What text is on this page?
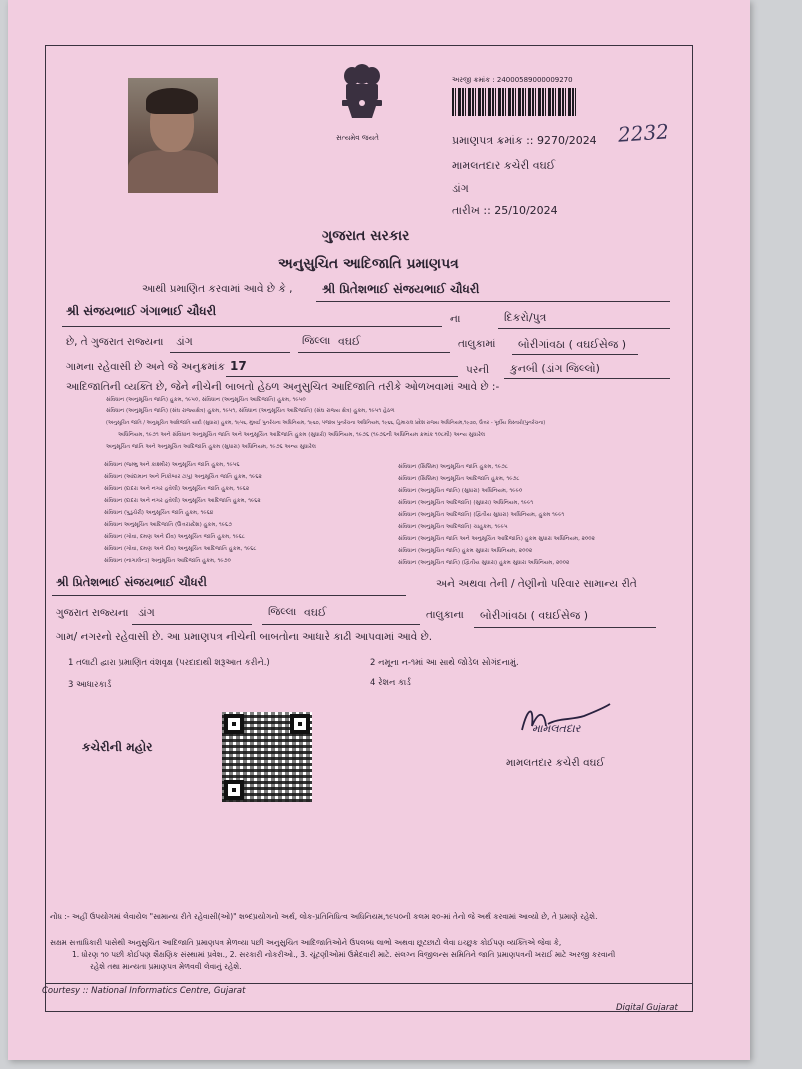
સત્યમેવ જયતે
અરજી ક્રમાંક : 24000589000009270
પ્રમાણપત્ર ક્રમાંક :: 9270/2024 2232
મામલતદાર કચેરી વઘઈ
ડાંગ
તારીખ :: 25/10/2024
ગુજરાત સરકાર
અનુસુચિત આદિજાતિ પ્રમાણપત્ર
આથી પ્રમાણિત કરવામાં આવે છે કે , શ્રી પ્રિતેશભાઈ સંજયભાઈ ચૌધરી
શ્રી સંજયભાઈ ગંગાભાઈ ચૌધરી
ના	દિકરો/પુત્ર
છે, તે ગુજરાત રાજ્યના ડાંગ	જિલ્લા વઘઈ	તાલુકામાં બોરીગાંવઠા ( વઘઈસેજ )
ગામના રહેવાસી છે અને જે અનુક્રમાંક 17	પરની કુનબી (ડાંગ જિલ્લો)
આદિજાતિની વ્યક્તિ છે, જેને નીચેની બાબતો હેઠળ અનુસુચિત આદિજાતિ તરીકે ઓળખવામાં આવે છે :-
સંવિધાન (અનુસૂચિત જાતિ) હુકમ, ૧૯૫૦, સંવિધાન (અનુસૂચિત આદિજાતિ) હુકમ, ૧૯૫૦
સંવિધાન (અનુસૂચિત જાતિ) (સંઘ રાજ્યક્ષેત્ર) હુકમ, ૧૯૫૧, સંવિધાન (અનુસૂચિત આદિજાતિ) (સંઘ રાજ્ય ક્ષેત્ર) હુકમ, ૧૯૫૧ હેઠળ
(અનુસૂચિત જાતિ / અનુસૂચિત આદિજાતિ યાદી (સુધારા) હુકમ, ૧૯૫૬, મુંબઈ પુનર્રચના અધિનિયમ, ૧૯૬૦, પંજાબ પુનર્રચના અધિનિયમ, ૧૯૬૬, હિમાચલ પ્રદેશ રાજ્ય અધિનિયમ,૧૯૭૦, ઉત્તર - પૂર્વીય વિસ્તારો(પુનર્રચના)
અધિનિયમ, ૧૯૭૧ અને સંવિધાન અનુસૂચિત જાતિ અને અનુસૂચિત આદિજાતિ હુકમ (સુધારો) અધિનિયમ, ૧૯૭૬ (૧૯૭૬ની અધિનિયમ ક્રમાંક ૧૦૮મી) અન્ય સુધારેલ
અનુસૂચિત જાતિ અને અનુસૂચિત આદિજાતિ હુકમ (સુધારા) અધિનિયમ, ૧૯૭૬ અન્ય સુધારેલ
સંવિધાન (જમ્મુ અને કાશ્મીર) અનુસૂચિત જાતિ હુકમ, ૧૯૫૬
સંવિધાન (આંદામાન અને નિકોબાર ટાપુ) અનુસૂચિત જાતિ હુકમ, ૧૯૬૨
સંવિધાન (દાદરા અને નગર હવેલી) અનુસૂચિત જાતિ હુકમ, ૧૯૬૨
સંવિધાન (દાદરા અને નગર હવેલી) અનુસૂચિત આદિજાતિ હુકમ, ૧૯૬૨
સંવિધાન (પુડુચેરી) અનુસૂચિત જાતિ હુકમ, ૧૯૬૪
સંવિધાન અનુસૂચિત આદિજાતિ (ઉત્તરપ્રદેશ) હુકમ, ૧૯૬૭
સંવિધાન (ગોવા, દમણ અને દીવ) અનુસૂચિત જાતિ હુકમ, ૧૯૬૮
સંવિધાન (ગોવા, દમણ અને દીવ) અનુસૂચિત આદિજાતિ હુકમ, ૧૯૬૮
સંવિધાન (નાગાલેન્ડ) અનુસૂચિત આદિજાતિ હુકમ, ૧૯૭૦
સંવિધાન (સિક્કિમ) અનુસૂચિત જાતિ હુકમ, ૧૯૭૮
સંવિધાન (સિક્કિમ) અનુસૂચિત આદિજાતિ હુકમ, ૧૯૭૮
સંવિધાન (અનુસૂચિત જાતિ) (સુધારા) અધિનિયમ, ૧૯૯૦
સંવિધાન (અનુસૂચિત આદિજાતિ) (સુધારા) અધિનિયમ, ૧૯૯૧
સંવિધાન (અનુસૂચિત આદિજાતિ) (દ્વિતીય સુધારા) અધિનિયમ, હુકમ ૧૯૯૧
સંવિધાન (અનુસૂચિત આદિજાતિ) ચાહુકમ, ૧૯૯૫
સંવિધાન (અનુસૂચિત જાતિ અને અનુસૂચિત આદિજાતિ) હુકમ સુધારા અધિનિયમ, ૨૦૦૨
સંવિધાન (અનુસૂચિત જાતિ) હુકમ સુધારા અધિનિયમ, ૨૦૦૨
સંવિધાન (અનુસૂચિત જાતિ) (દ્વિતીય સુધારા) હુકમ સુધારા અધિનિયમ, ૨૦૦૨
શ્રી પ્રિતેશભાઈ સંજયભાઈ ચૌધરી	અને અથવા તેની / તેણીનો પરિવાર સામાન્ય રીતે
ગુજરાત રાજ્યના ડાંગ	જિલ્લા વઘઈ	તાલુકાના બોરીગાંવઠા ( વઘઈસેજ )
ગામ/ નગરનો રહેવાસી છે. આ પ્રમાણપત્ર નીચેની બાબતોના આધારે કાઢી આપવામાં આવે છે.
1 તલાટી દ્વારા પ્રમાણિત વંશવૃક્ષ (પરદાદાથી શરૂઆત કરીને.)	2 નમૂના ન-૧માં આ સાથે જોડેલ સોગંદનામું.
3 આધારકાર્ડ	4 રેશન કાર્ડ
કચેરીની મહોર
મામલતદાર
મામલતદાર કચેરી વઘઈ
નોંધ :- અહીં ઉપયોગમાં લેવાયેલ "સામાન્ય રીતે રહેવાસી(ઓ)" શબ્દપ્રયોગનો અર્થ, લોક-પ્રતિનિધિત્વ અધિનિયમ,૧૯૫૦ની કલમ ૨૦-માં તેનો જે અર્થ કરવામાં આવ્યો છે, તે પ્રમાણે રહેશે.
સક્ષમ સત્તાધિકારી પાસેથી અનુસુચિત આદિજાતિ પ્રમાણપત્ર મેળવ્યા પછી અનુસુચિત આદિજાતિઓને ઉપલબ્ધ લાભો અથવા છૂટછાટો લેવા ઇચ્છુક કોઈપણ વ્યક્તિએ જેવા કે,
1. ધોરણ ૧૦ પછી કોઈપણ શૈક્ષણિક સંસ્થામાં પ્રવેશ., 2. સરકારી નોકરીઓ., 3. ચૂંટણીઓમાં ઉમેદવારી માટે. સંલગ્ન વિજીલન્સ સમિતિને જાતિ પ્રમાણપત્રની ખરાઈ માટે અરજી કરવાની
રહેશે તથા માન્યતા પ્રમાણપત્ર મેળવવી લેવાનું રહેશે.
Courtesy :: National Informatics Centre, Gujarat
Digital Gujarat
